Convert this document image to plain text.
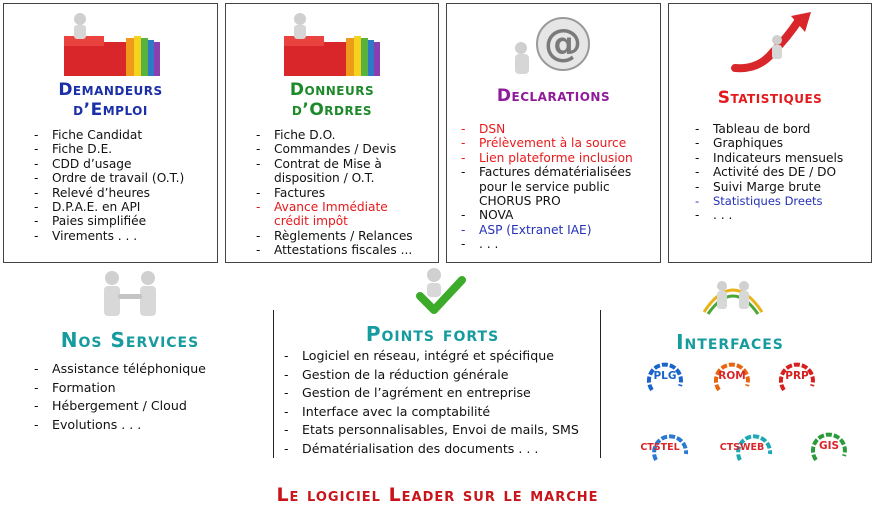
Demandeurs
d’Emploi
- Fiche Candidat
- Fiche D.E.
- CDD d’usage
- Ordre de travail (O.T.)
- Relevé d’heures
- D.P.A.E. en API
- Paies simplifiée
- Virements . . .
Donneurs
d’Ordres
- Fiche D.O.
- Commandes / Devis
- Contrat de Mise à disposition / O.T.
- Factures
- Avance Immédiate crédit impôt
- Règlements / Relances
- Attestations fiscales ...
@
Declarations
- DSN
- Prélèvement à la source
- Lien plateforme inclusion
- Factures dématérialisées pour le service public CHORUS PRO
- NOVA
- ASP (Extranet IAE)
- . . .
Statistiques
- Tableau de bord
- Graphiques
- Indicateurs mensuels
- Activité des DE / DO
- Suivi Marge brute
- Statistiques Dreets
- . . .
Nos Services
- Assistance téléphonique
- Formation
- Hébergement / Cloud
- Evolutions . . .
Points forts
- Logiciel en réseau, intégré et spécifique
- Gestion de la réduction générale
- Gestion de l’agrément en entreprise
- Interface avec la comptabilité
- Etats personnalisables, Envoi de mails, SMS
- Dématérialisation des documents . . .
Interfaces
PLG	ROM	PRP
CTSTEL	CTSWEB	GIS
Le logiciel Leader sur le marche
